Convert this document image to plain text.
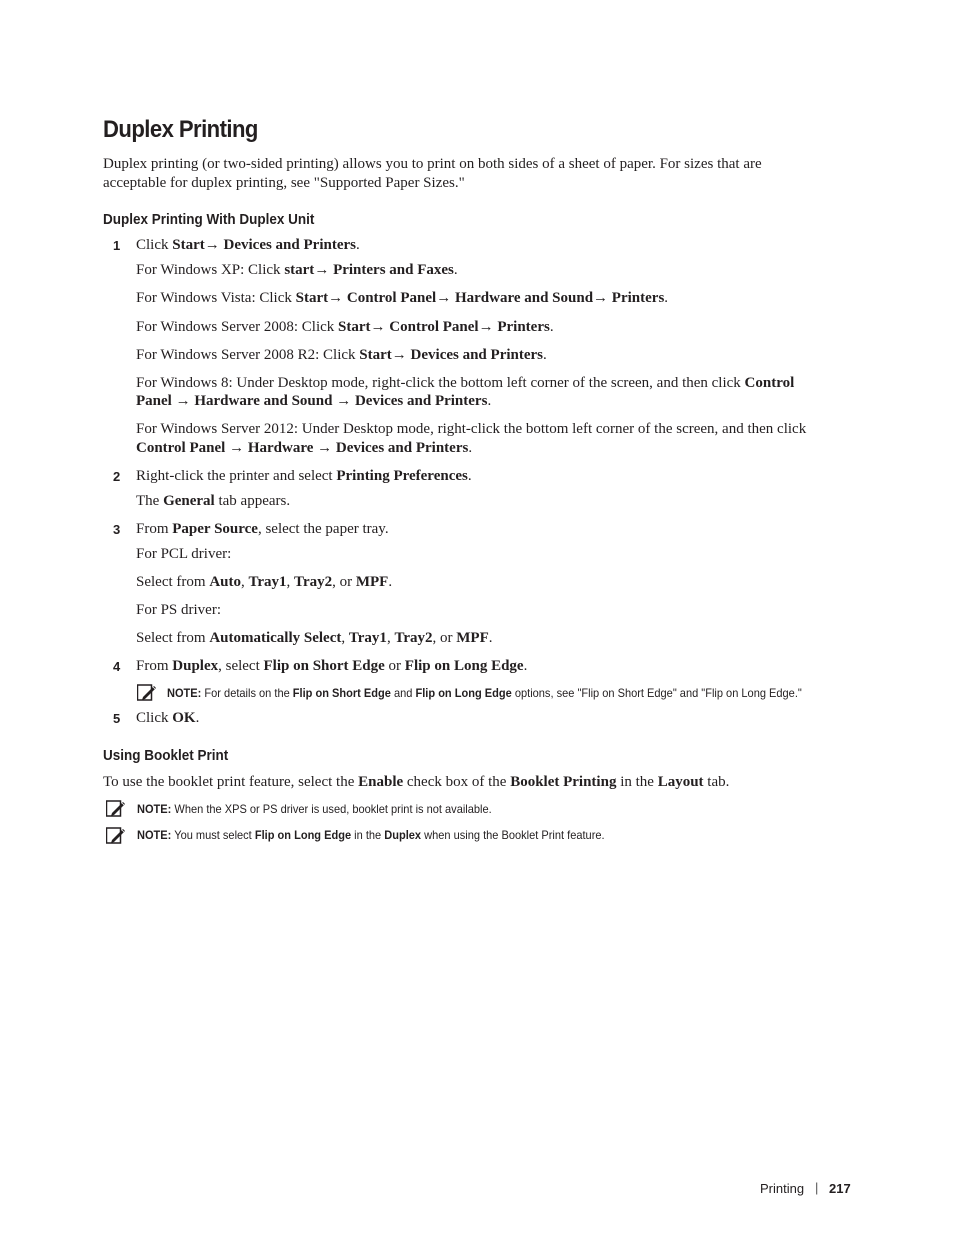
Duplex Printing
Duplex printing (or two-sided printing) allows you to print on both sides of a sheet of paper. For sizes that are
acceptable for duplex printing, see "Supported Paper Sizes."
Duplex Printing With Duplex Unit
1 Click Start→ Devices and Printers.
For Windows XP: Click start→ Printers and Faxes.
For Windows Vista: Click Start→ Control Panel→ Hardware and Sound→ Printers.
For Windows Server 2008: Click Start→ Control Panel→ Printers.
For Windows Server 2008 R2: Click Start→ Devices and Printers.
For Windows 8: Under Desktop mode, right-click the bottom left corner of the screen, and then click Control
Panel → Hardware and Sound → Devices and Printers.
For Windows Server 2012: Under Desktop mode, right-click the bottom left corner of the screen, and then click
Control Panel → Hardware → Devices and Printers.
2 Right-click the printer and select Printing Preferences.
The General tab appears.
3 From Paper Source, select the paper tray.
For PCL driver:
Select from Auto, Tray1, Tray2, or MPF.
For PS driver:
Select from Automatically Select, Tray1, Tray2, or MPF.
4 From Duplex, select Flip on Short Edge or Flip on Long Edge.
NOTE: For details on the Flip on Short Edge and Flip on Long Edge options, see "Flip on Short Edge" and "Flip on Long Edge."
5 Click OK.
Using Booklet Print
To use the booklet print feature, select the Enable check box of the Booklet Printing in the Layout tab.
NOTE: When the XPS or PS driver is used, booklet print is not available.
NOTE: You must select Flip on Long Edge in the Duplex when using the Booklet Print feature.
Printing | 217
